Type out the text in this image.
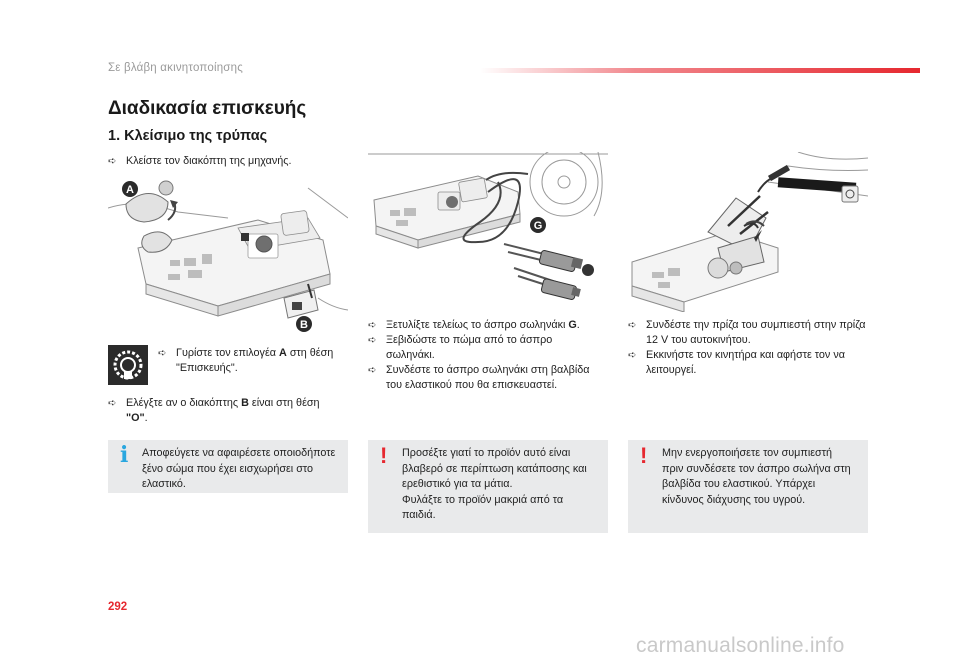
Σε βλάβη ακινητοποίησης
Διαδικασία επισκευής
1. Κλείσιμο της τρύπας
➪ Κλείστε τον διακόπτη της μηχανής.
A
B
➪ Γυρίστε τον επιλογέα A στη θέση "Επισκευής".
➪ Ελέγξτε αν ο διακόπτης B είναι στη θέση "O".
i Αποφεύγετε να αφαιρέσετε οποιοδήποτε ξένο σώμα που έχει εισχωρήσει στο ελαστικό.

G
➪ Ξετυλίξτε τελείως το άσπρο σωληνάκι G.
➪ Ξεβιδώστε το πώμα από το άσπρο σωληνάκι.
➪ Συνδέστε το άσπρο σωληνάκι στη βαλβίδα του ελαστικού που θα επισκευαστεί.
! Προσέξτε γιατί το προϊόν αυτό είναι βλαβερό σε περίπτωση κατάποσης και ερεθιστικό για τα μάτια.

Φυλάξτε το προϊόν μακριά από τα παιδιά.

➪ Συνδέστε την πρίζα του συμπιεστή στην πρίζα 12 V του αυτοκινήτου.
➪ Εκκινήστε τον κινητήρα και αφήστε τον να λειτουργεί.
! Μην ενεργοποιήσετε τον συμπιεστή πριν συνδέσετε τον άσπρο σωλήνα στη βαλβίδα του ελαστικού. Υπάρχει κίνδυνος διάχυσης του υγρού.

292
carmanualsonline.info
